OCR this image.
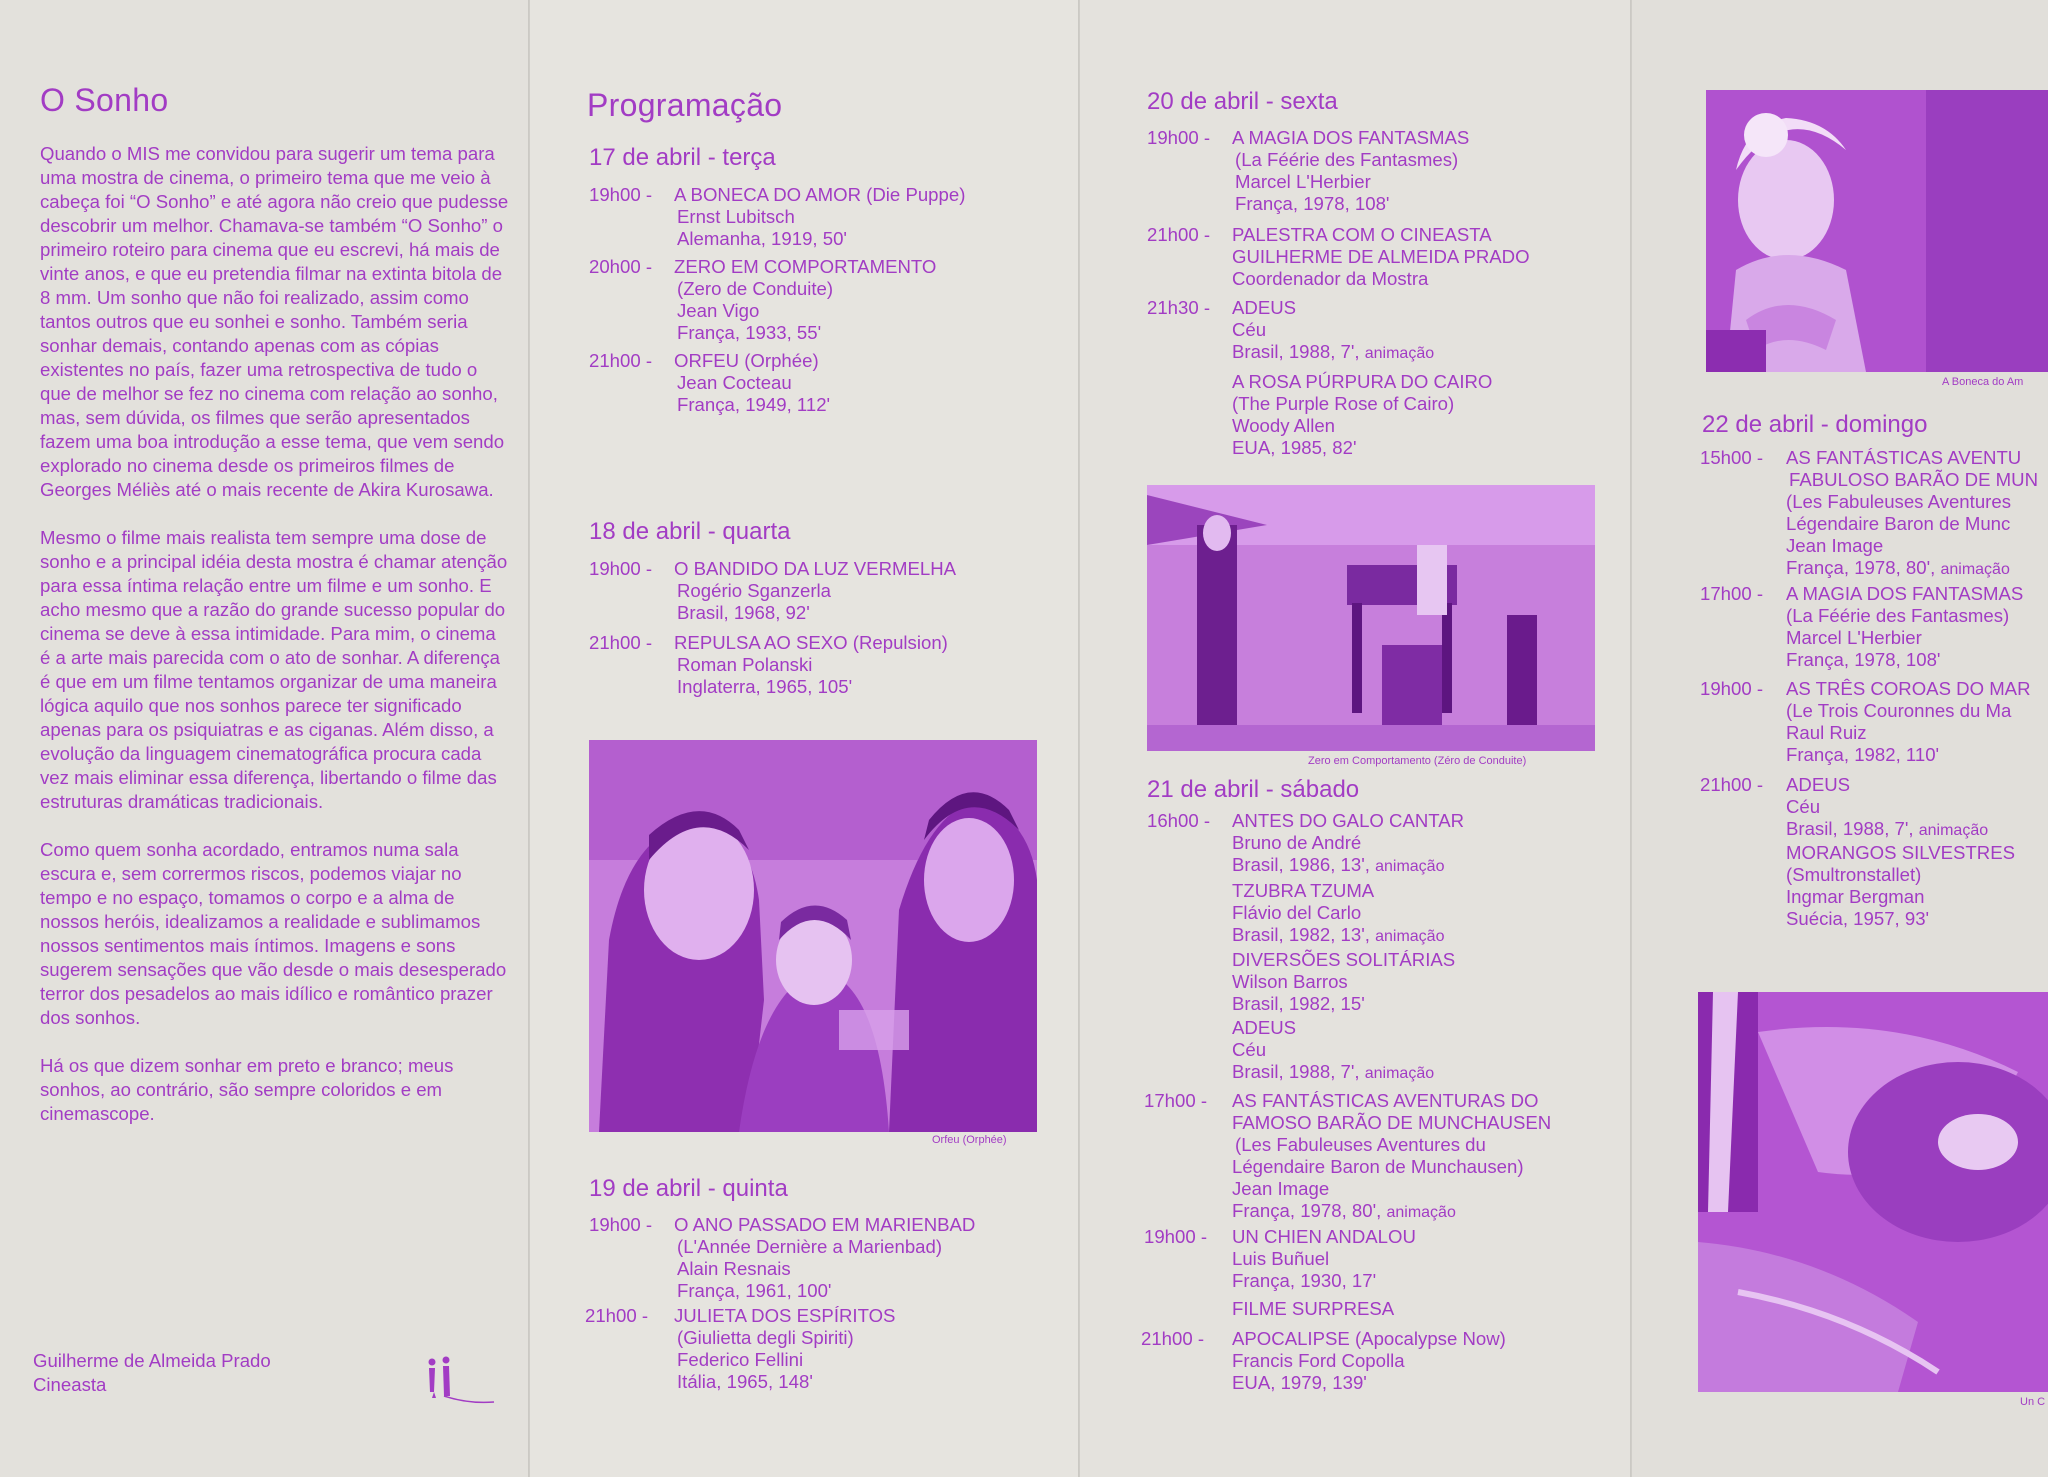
O Sonho

Quando o MIS me convidou para sugerir um tema para uma mostra de cinema, o primeiro tema que me veio à cabeça foi “O Sonho” e até agora não creio que pudesse descobrir um melhor. Chamava-se também “O Sonho” o primeiro roteiro para cinema que eu escrevi, há mais de vinte anos, e que eu pretendia filmar na extinta bitola de 8 mm. Um sonho que não foi realizado, assim como tantos outros que eu sonhei e sonho. Também seria sonhar demais, contando apenas com as cópias existentes no país, fazer uma retrospectiva de tudo o que de melhor se fez no cinema com relação ao sonho, mas, sem dúvida, os filmes que serão apresentados fazem uma boa introdução a esse tema, que vem sendo explorado no cinema desde os primeiros filmes de Georges Méliès até o mais recente de Akira Kurosawa.

Mesmo o filme mais realista tem sempre uma dose de sonho e a principal idéia desta mostra é chamar atenção para essa íntima relação entre um filme e um sonho. E acho mesmo que a razão do grande sucesso popular do cinema se deve à essa intimidade. Para mim, o cinema é a arte mais parecida com o ato de sonhar. A diferença é que em um filme tentamos organizar de uma maneira lógica aquilo que nos sonhos parece ter significado apenas para os psiquiatras e as ciganas. Além disso, a evolução da linguagem cinematográfica procura cada vez mais eliminar essa diferença, libertando o filme das estruturas dramáticas tradicionais.

Como quem sonha acordado, entramos numa sala escura e, sem corrermos riscos, podemos viajar no tempo e no espaço, tomamos o corpo e a alma de nossos heróis, idealizamos a realidade e sublimamos nossos sentimentos mais íntimos. Imagens e sons sugerem sensações que vão desde o mais desesperado terror dos pesadelos ao mais idílico e romântico prazer dos sonhos.

Há os que dizem sonhar em preto e branco; meus sonhos, ao contrário, são sempre coloridos e em cinemascope.

Guilherme de Almeida Prado
Cineasta
Programação
17 de abril - terça
19h00 - A BONECA DO AMOR (Die Puppe)
Ernst Lubitsch
Alemanha, 1919, 50'
20h00 - ZERO EM COMPORTAMENTO
(Zero de Conduite)
Jean Vigo
França, 1933, 55'
21h00 - ORFEU (Orphée)
Jean Cocteau
França, 1949, 112'
18 de abril - quarta
19h00 - O BANDIDO DA LUZ VERMELHA
Rogério Sganzerla
Brasil, 1968, 92'
21h00 - REPULSA AO SEXO (Repulsion)
Roman Polanski
Inglaterra, 1965, 105'
Orfeu (Orphée)
19 de abril - quinta
19h00 - O ANO PASSADO EM MARIENBAD
(L'Année Dernière a Marienbad)
Alain Resnais
França, 1961, 100'
21h00 - JULIETA DOS ESPÍRITOS
(Giulietta degli Spiriti)
Federico Fellini
Itália, 1965, 148'
20 de abril - sexta
19h00 - A MAGIA DOS FANTASMAS
(La Féérie des Fantasmes)
Marcel L'Herbier
França, 1978, 108'
21h00 - PALESTRA COM O CINEASTA
GUILHERME DE ALMEIDA PRADO
Coordenador da Mostra
21h30 - ADEUS
Céu
Brasil, 1988, 7', animação
A ROSA PÚRPURA DO CAIRO
(The Purple Rose of Cairo)
Woody Allen
EUA, 1985, 82'
Zero em Comportamento (Zéro de Conduite)
21 de abril - sábado
16h00 - ANTES DO GALO CANTAR
Bruno de André
Brasil, 1986, 13', animação
TZUBRA TZUMA
Flávio del Carlo
Brasil, 1982, 13', animação
DIVERSÕES SOLITÁRIAS
Wilson Barros
Brasil, 1982, 15'
ADEUS
Céu
Brasil, 1988, 7', animação
17h00 - AS FANTÁSTICAS AVENTURAS DO
FAMOSO BARÃO DE MUNCHAUSEN
(Les Fabuleuses Aventures du
Légendaire Baron de Munchausen)
Jean Image
França, 1978, 80', animação
19h00 - UN CHIEN ANDALOU
Luis Buñuel
França, 1930, 17'
FILME SURPRESA
21h00 - APOCALIPSE (Apocalypse Now)
Francis Ford Copolla
EUA, 1979, 139'
A Boneca do Am
22 de abril - domingo
15h00 - AS FANTÁSTICAS AVENTU
FABULOSO BARÃO DE MUN
(Les Fabuleuses Aventures
Légendaire Baron de Munc
Jean Image
França, 1978, 80', animação
17h00 - A MAGIA DOS FANTASMAS
(La Féérie des Fantasmes)
Marcel L'Herbier
França, 1978, 108'
19h00 - AS TRÊS COROAS DO MAR
(Le Trois Couronnes du Ma
Raul Ruiz
França, 1982, 110'
21h00 - ADEUS
Céu
Brasil, 1988, 7', animação
MORANGOS SILVESTRES
(Smultronstallet)
Ingmar Bergman
Suécia, 1957, 93'
Un C
